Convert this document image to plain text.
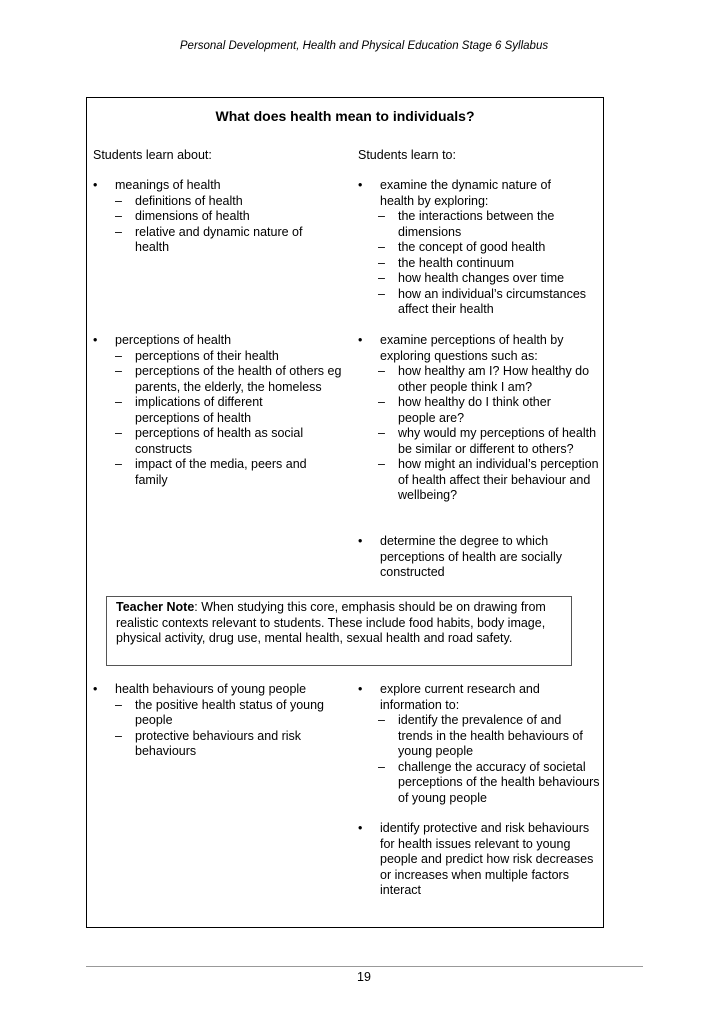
Personal Development, Health and Physical Education Stage 6 Syllabus
What does health mean to individuals?
Students learn about:	Students learn to:
• meanings of health
– definitions of health
– dimensions of health
– relative and dynamic nature of health
• perceptions of health
– perceptions of their health
– perceptions of the health of others eg parents, the elderly, the homeless
– implications of different perceptions of health
– perceptions of health as social constructs
– impact of the media, peers and family
• health behaviours of young people
– the positive health status of young people
– protective behaviours and risk behaviours
• examine the dynamic nature of health by exploring:
– the interactions between the dimensions
– the concept of good health
– the health continuum
– how health changes over time
– how an individual’s circumstances affect their health
• examine perceptions of health by exploring questions such as:
– how healthy am I? How healthy do other people think I am?
– how healthy do I think other people are?
– why would my perceptions of health be similar or different to others?
– how might an individual’s perception of health affect their behaviour and wellbeing?
• determine the degree to which perceptions of health are socially constructed
Teacher Note: When studying this core, emphasis should be on drawing from realistic contexts relevant to students. These include food habits, body image, physical activity, drug use, mental health, sexual health and road safety.
• explore current research and information to:
– identify the prevalence of and trends in the health behaviours of young people
– challenge the accuracy of societal perceptions of the health behaviours of young people
• identify protective and risk behaviours for health issues relevant to young people and predict how risk decreases or increases when multiple factors interact
19
